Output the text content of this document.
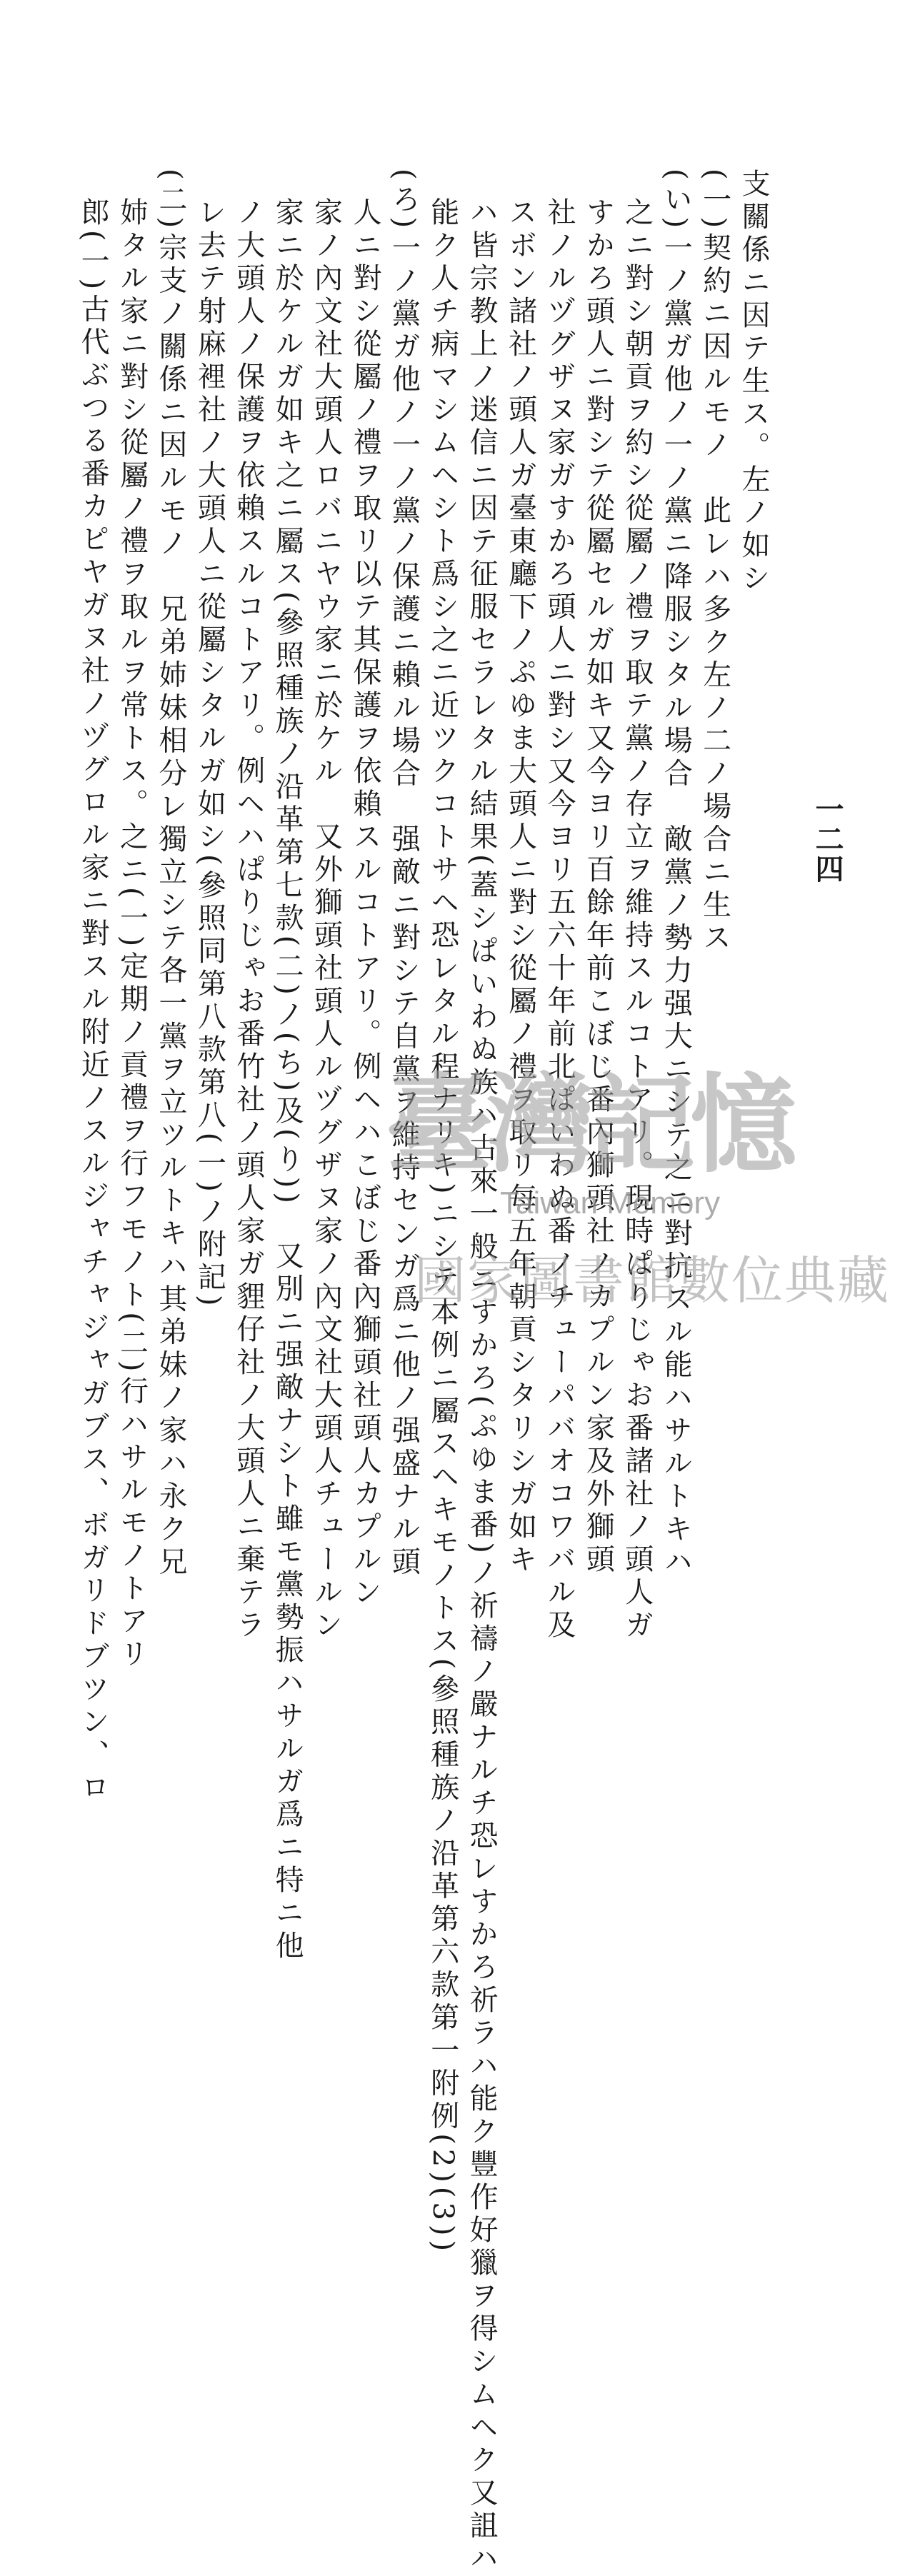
一二四
支關係ニ因テ生ス。左ノ如シ
(一)契約ニ因ルモノ　此レハ多ク左ノ二ノ場合ニ生ス
(い)一ノ黨ガ他ノ一ノ黨ニ降服シタル場合　敵黨ノ勢力强大ニシテ之ニ對抗スル能ハサルトキハ
之ニ對シ朝貢ヲ約シ從屬ノ禮ヲ取テ黨ノ存立ヲ維持スルコトアリ。現時ぱりじゃお番諸社ノ頭人ガ
すかろ頭人ニ對シテ從屬セルガ如キ又今ヨリ百餘年前こぼじ番內獅頭社ノカプルン家及外獅頭
社ノルヅグザヌ家ガすかろ頭人ニ對シ又今ヨリ五六十年前北ぱいわぬ番ノチューパバオコワバル及
スボン諸社ノ頭人ガ臺東廳下ノぷゆま大頭人ニ對シ從屬ノ禮ヲ取リ每五年朝貢シタリシガ如キ
ハ皆宗教上ノ迷信ニ因テ征服セラレタル結果(蓋シぱいわぬ族ハ古來一般ニすかろ(ぷゆま番)ノ祈禱ノ嚴ナルチ恐レすかろ祈ラハ能ク豐作好獵ヲ得シムヘク又詛ハ
能ク人チ病マシムヘシト爲シ之ニ近ツクコトサヘ恐レタル程ナリキ)ニシテ本例ニ屬スヘキモノトス(參照種族ノ沿革第六款第一附例(2)(3))
(ろ)一ノ黨ガ他ノ一ノ黨ノ保護ニ賴ル場合　强敵ニ對シテ自黨ヲ維持センガ爲ニ他ノ强盛ナル頭
人ニ對シ從屬ノ禮ヲ取リ以テ其保護ヲ依賴スルコトアリ。例ヘハこぼじ番內獅頭社頭人カプルン
家ノ內文社大頭人ロバニヤウ家ニ於ケル　又外獅頭社頭人ルヅグザヌ家ノ內文社大頭人チュールン
家ニ於ケルガ如キ之ニ屬ス(參照種族ノ沿革第七款(二)ノ(ち)及(り))　又別ニ强敵ナシト雖モ黨勢振ハサルガ爲ニ特ニ他
ノ大頭人ノ保護ヲ依賴スルコトアリ。例ヘハぱりじゃお番竹社ノ頭人家ガ貍仔社ノ大頭人ニ棄テラ
レ去テ射麻裡社ノ大頭人ニ從屬シタルガ如シ(參照同第八款第八(一)ノ附記)
(二)宗支ノ關係ニ因ルモノ　兄弟姉妹相分レ獨立シテ各一黨ヲ立ツルトキハ其弟妹ノ家ハ永ク兄
姉タル家ニ對シ從屬ノ禮ヲ取ルヲ常トス。之ニ(一)定期ノ貢禮ヲ行フモノト(二)行ハサルモノトアリ
郎(一)古代ぶつる番カピヤガヌ社ノヅグロル家ニ對スル附近ノスルジャチャジャガブス、ボガリドブツン、ロ	臺灣記憶
Taiwan Memory
國家圖書館數位典藏
